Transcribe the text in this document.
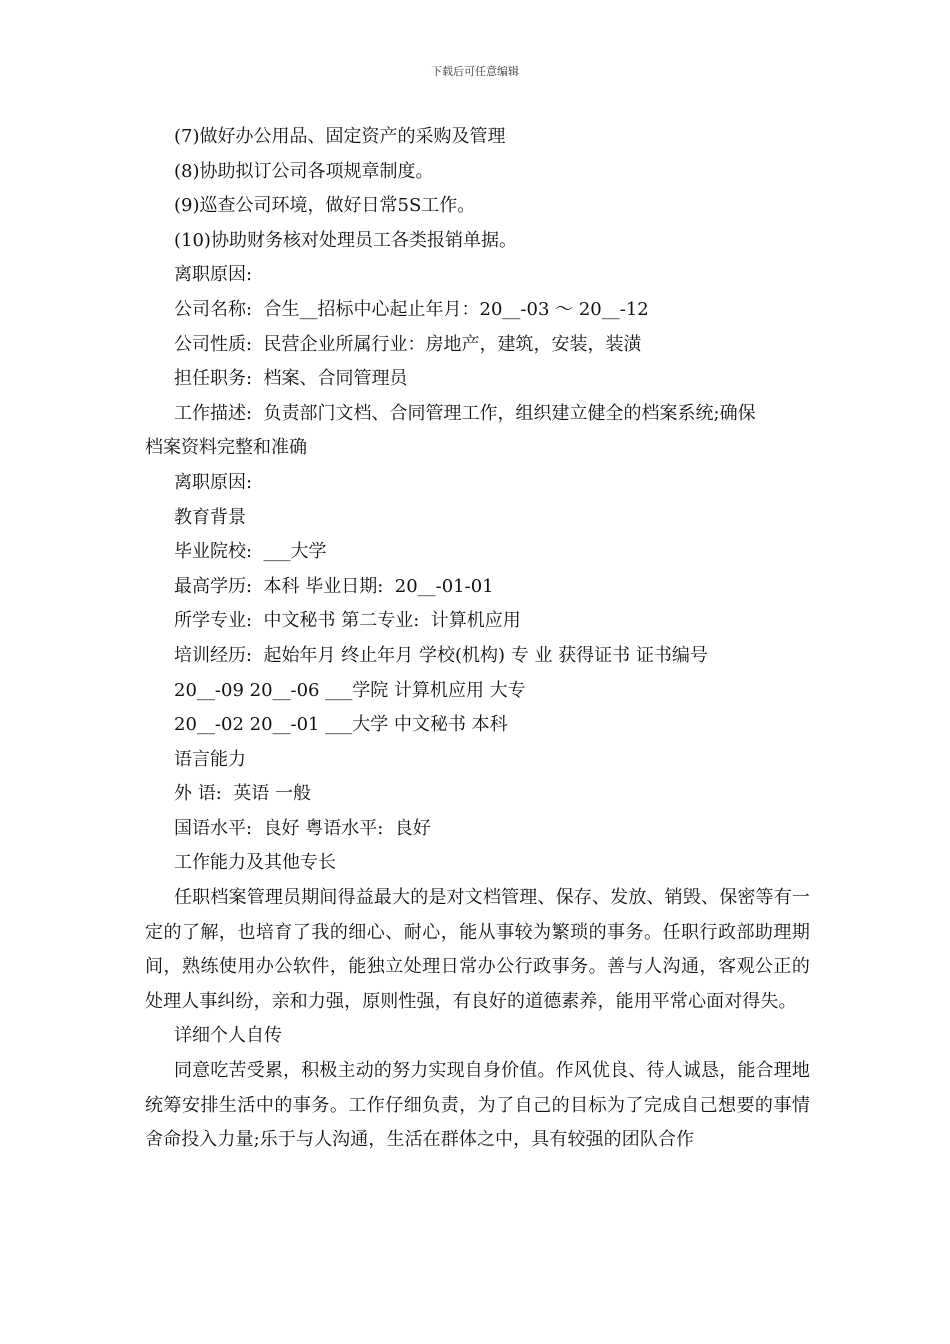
下载后可任意编辑

(7)做好办公用品、固定资产的采购及管理

(8)协助拟订公司各项规章制度。

(9)巡查公司环境，做好日常5S工作。

(10)协助财务核对处理员工各类报销单据。

离职原因:

公司名称:  合生__招标中心起止年月：20__-03 ～ 20__-12

公司性质:  民营企业所属行业：房地产，建筑，安装，装潢

担任职务:  档案、合同管理员

工作描述:  负责部门文档、合同管理工作，组织建立健全的档案系统;确保
档案资料完整和准确

离职原因:

教育背景

毕业院校:  ___大学

最高学历:  本科 毕业日期:  20__-01-01

所学专业:  中文秘书 第二专业:  计算机应用

培训经历:  起始年月 终止年月 学校(机构) 专 业 获得证书 证书编号

20__-09 20__-06 ___学院 计算机应用 大专

20__-02 20__-01 ___大学 中文秘书 本科

语言能力

外 语:  英语 一般

国语水平:  良好 粤语水平:  良好

工作能力及其他专长

任职档案管理员期间得益最大的是对文档管理、保存、发放、销毁、保密等有一定的了解，也培育了我的细心、耐心，能从事较为繁琐的事务。任职行政部助理期间，熟练使用办公软件，能独立处理日常办公行政事务。善与人沟通，客观公正的处理人事纠纷，亲和力强，原则性强，有良好的道德素养，能用平常心面对得失。

详细个人自传

同意吃苦受累，积极主动的努力实现自身价值。作风优良、待人诚恳，能合理地统筹安排生活中的事务。工作仔细负责，为了自己的目标为了完成自己想要的事情舍命投入力量;乐于与人沟通，生活在群体之中，具有较强的团队合作
